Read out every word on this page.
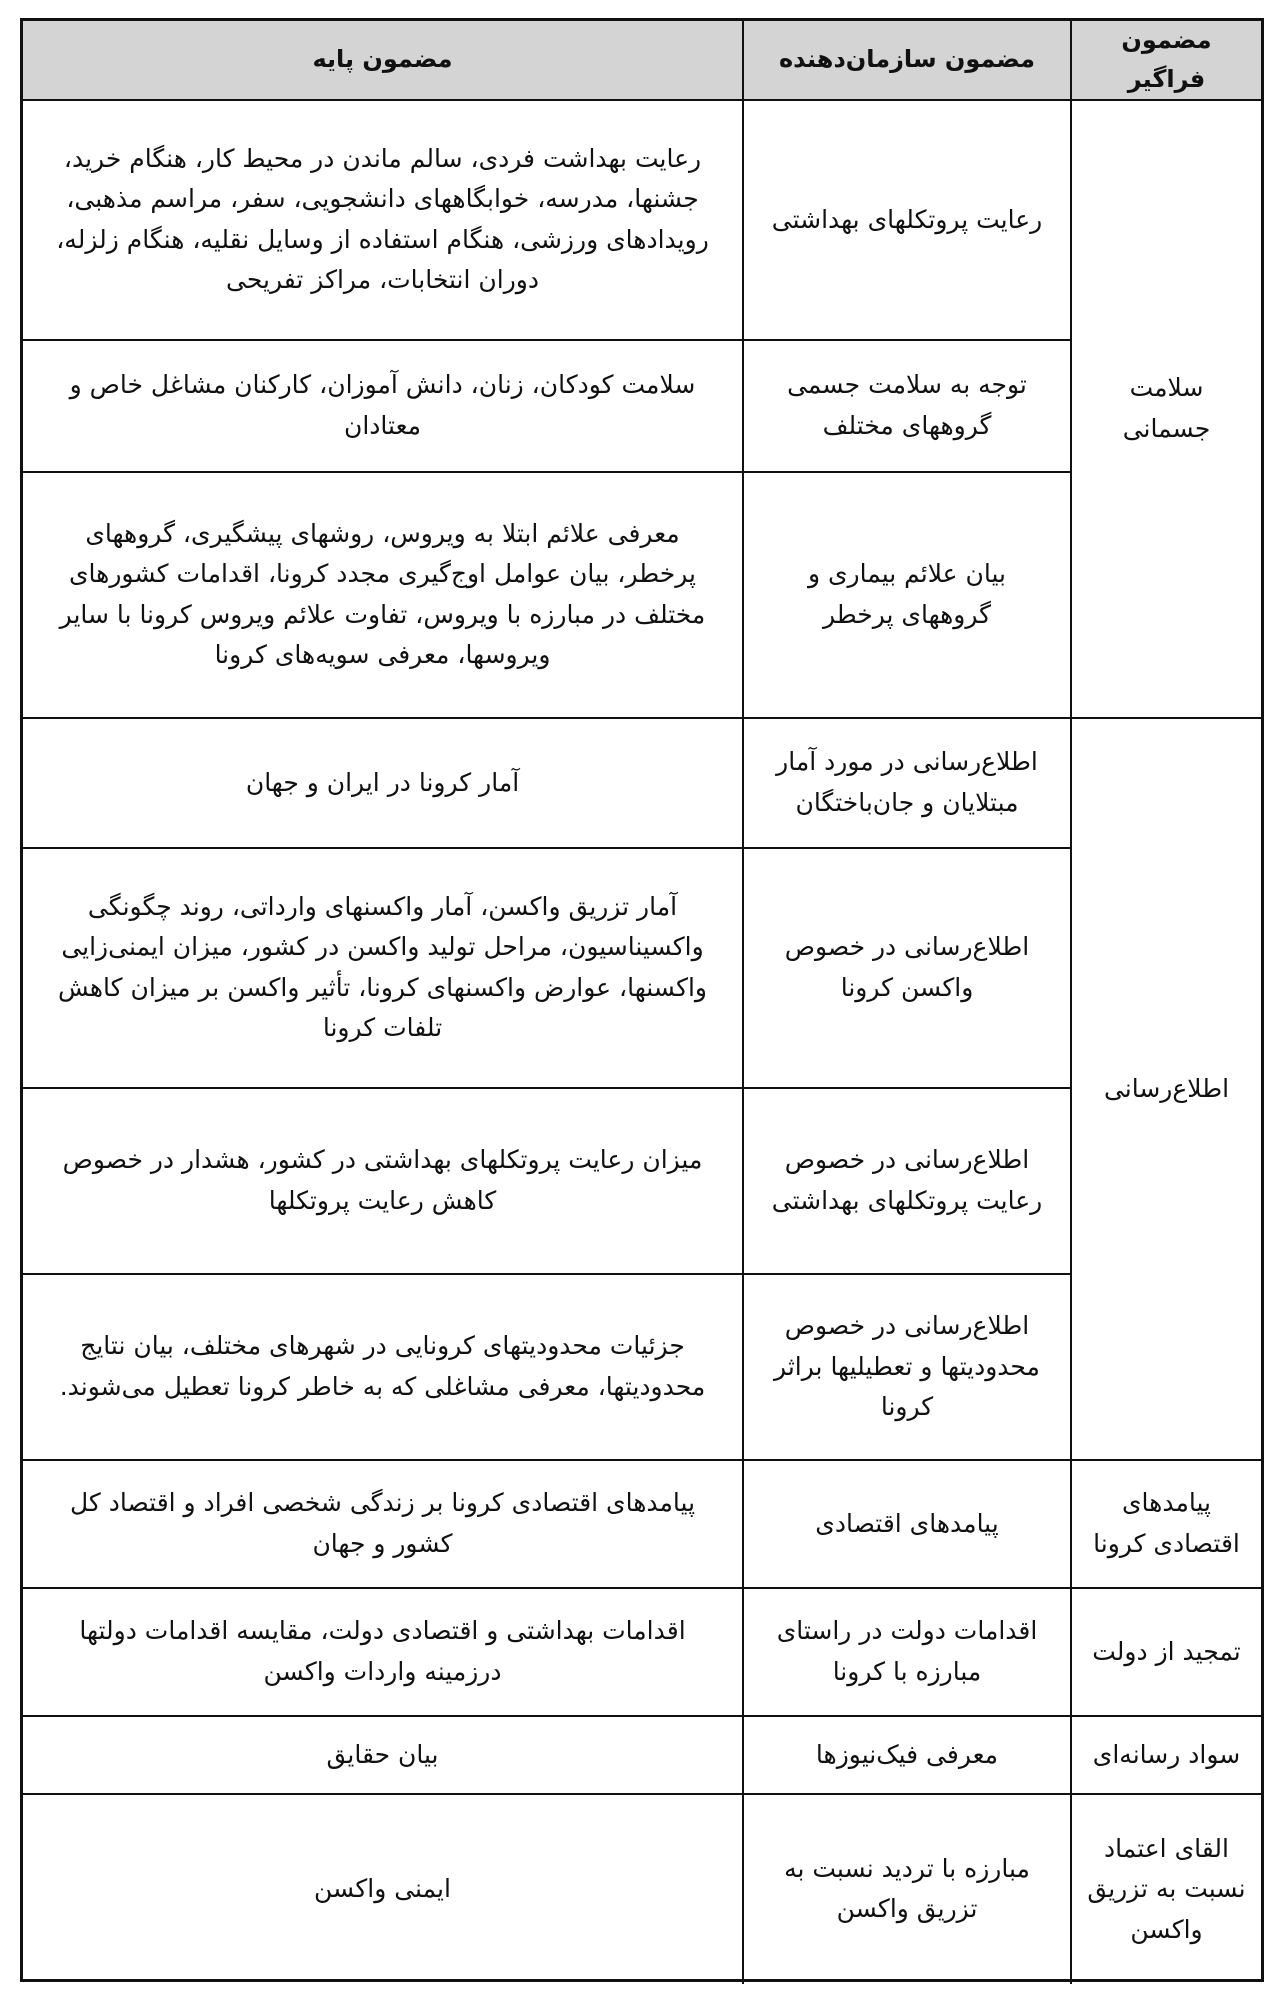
مضمون فراگیر	مضمون سازمان‌دهنده	مضمون پایه
سلامت جسمانی	رعایت پروتکلهای بهداشتی	رعایت بهداشت فردی، سالم ماندن در محیط کار، هنگام خرید، جشنها، مدرسه، خوابگاههای دانشجویی، سفر، مراسم مذهبی، رویدادهای ورزشی، هنگام استفاده از وسایل نقلیه، هنگام زلزله، دوران انتخابات، مراکز تفریحی
	توجه به سلامت جسمی گروههای مختلف	سلامت کودکان، زنان، دانش آموزان، کارکنان مشاغل خاص و معتادان
	بیان علائم بیماری و گروههای پرخطر	معرفی علائم ابتلا به ویروس، روشهای پیشگیری، گروههای پرخطر، بیان عوامل اوج‌گیری مجدد کرونا، اقدامات کشورهای مختلف در مبارزه با ویروس، تفاوت علائم ویروس کرونا با سایر ویروسها، معرفی سویه‌های کرونا
اطلاع‌رسانی	اطلاع‌رسانی در مورد آمار مبتلایان و جان‌باختگان	آمار کرونا در ایران و جهان
	اطلاع‌رسانی در خصوص واکسن کرونا	آمار تزریق واکسن، آمار واکسنهای وارداتی، روند چگونگی واکسیناسیون، مراحل تولید واکسن در کشور، میزان ایمنی‌زایی واکسنها، عوارض واکسنهای کرونا، تأثیر واکسن بر میزان کاهش تلفات کرونا
	اطلاع‌رسانی در خصوص رعایت پروتکلهای بهداشتی	میزان رعایت پروتکلهای بهداشتی در کشور، هشدار در خصوص کاهش رعایت پروتکلها
	اطلاع‌رسانی در خصوص محدودیتها و تعطیلیها براثر کرونا	جزئیات محدودیتهای کرونایی در شهرهای مختلف، بیان نتایج محدودیتها، معرفی مشاغلی که به خاطر کرونا تعطیل می‌شوند.
پیامدهای اقتصادی کرونا	پیامدهای اقتصادی	پیامدهای اقتصادی کرونا بر زندگی شخصی افراد و اقتصاد کل کشور و جهان
تمجید از دولت	اقدامات دولت در راستای مبارزه با کرونا	اقدامات بهداشتی و اقتصادی دولت، مقایسه اقدامات دولتها درزمینه واردات واکسن
سواد رسانه‌ای	معرفی فیک‌نیوزها	بیان حقایق
القای اعتماد نسبت به تزریق واکسن	مبارزه با تردید نسبت به تزریق واکسن	ایمنی واکسن
